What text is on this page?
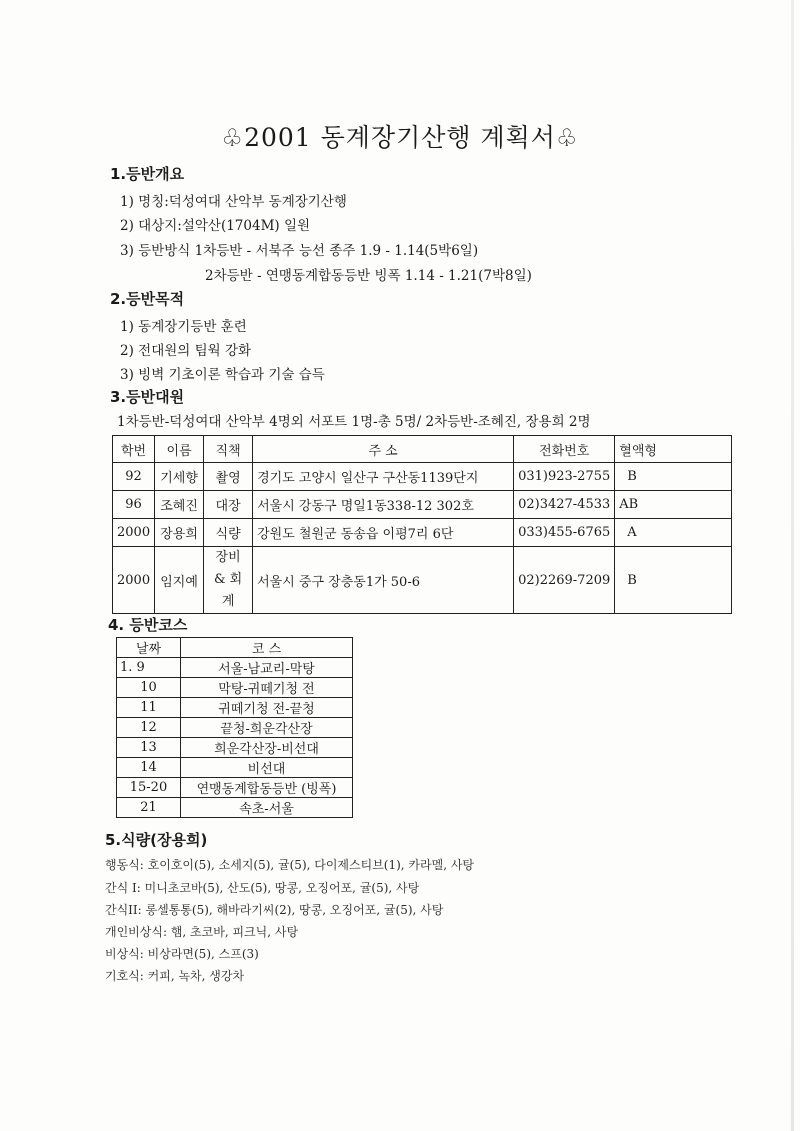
♧2001 동계장기산행 계획서♧
1.등반개요
1) 명칭:덕성여대 산악부 동계장기산행
2) 대상지:설악산(1704M) 일원
3) 등반방식 1차등반 - 서북주 능선 종주 1.9 - 1.14(5박6일)
2차등반 - 연맹동계합동등반 빙폭 1.14 - 1.21(7박8일)
2.등반목적
1) 동계장기등반 훈련
2) 전대원의 팀웍 강화
3) 빙벽 기초이론 학습과 기술 습득
3.등반대원
1차등반-덕성여대 산악부 4명외 서포트 1명-총 5명/ 2차등반-조혜진, 장용희 2명
학번	이름	직책	주 소	전화번호	혈액형
92	기세향	촬영	경기도 고양시 일산구 구산동1139단지	031)923-2755	B
96	조혜진	대장	서울시 강동구 명일1동338-12 302호	02)3427-4533	AB
2000	장용희	식량	강원도 철원군 동송읍 이평7리 6단	033)455-6765	A
2000	임지예	장비 & 회계	서울시 중구 장충동1가 50-6	02)2269-7209	B
4. 등반코스
날짜	코 스
1. 9	서울-남교리-막탕
10	막탕-귀떼기청 전
11	귀떼기청 전-끝청
12	끝청-희운각산장
13	희운각산장-비선대
14	비선대
15-20	연맹동계합동등반 (빙폭)
21	속초-서울
5.식량(장용희)
행동식: 호이호이(5), 소세지(5), 귤(5), 다이제스티브(1), 카라멜, 사탕
간식 I: 미니초코바(5), 산도(5), 땅콩, 오징어포, 귤(5), 사탕
간식II: 롱셀통통(5), 해바라기씨(2), 땅콩, 오징어포, 귤(5), 사탕
개인비상식: 햄, 초코바, 피크닉, 사탕
비상식: 비상라면(5), 스프(3)
기호식: 커피, 녹차, 생강차
